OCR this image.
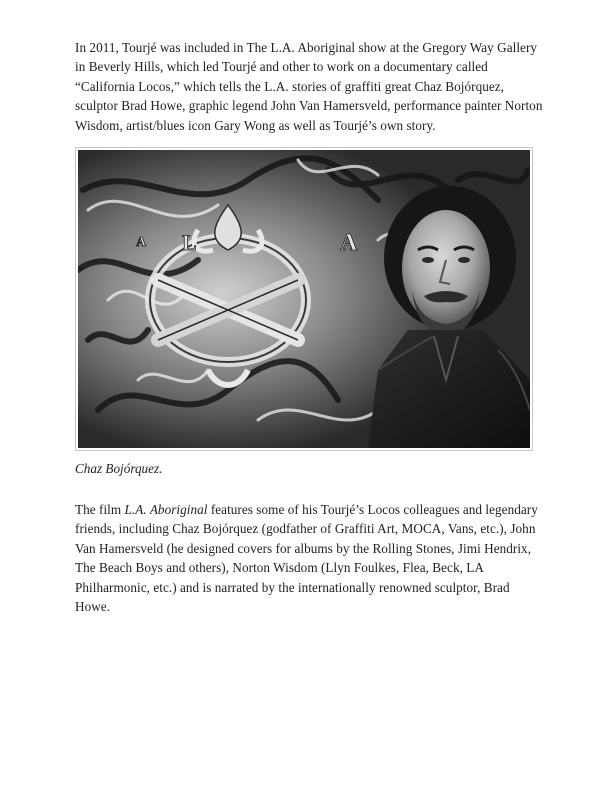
In 2011, Tourjé was included in The L.A. Aboriginal show at the Gregory Way Gallery in Beverly Hills, which led Tourjé and other to work on a documentary called “California Locos,” which tells the L.A. stories of graffiti great Chaz Bojórquez, sculptor Brad Howe, graphic legend John Van Hamersveld, performance painter Norton Wisdom, artist/blues icon Gary Wong as well as Tourjé’s own story.

L	A
A

Chaz Bojórquez.

The film L.A. Aboriginal features some of his Tourjé’s Locos colleagues and legendary friends, including Chaz Bojórquez (godfather of Graffiti Art, MOCA, Vans, etc.), John Van Hamersveld (he designed covers for albums by the Rolling Stones, Jimi Hendrix, The Beach Boys and others), Norton Wisdom (Llyn Foulkes, Flea, Beck, LA Philharmonic, etc.) and is narrated by the internationally renowned sculptor, Brad Howe.
